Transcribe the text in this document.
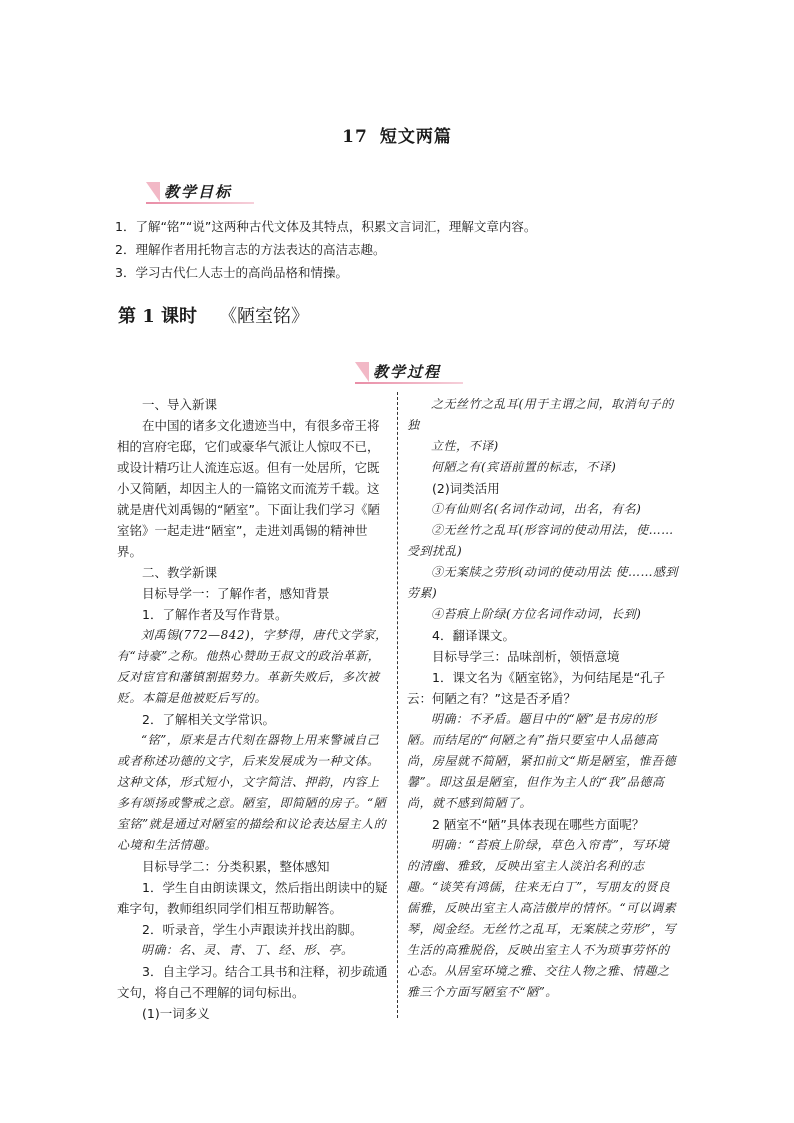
17 短文两篇
教学目标
1．了解“铭”“说”这两种古代文体及其特点，积累文言词汇，理解文章内容。
2．理解作者用托物言志的方法表达的高洁志趣。
3．学习古代仁人志士的高尚品格和情操。
第 1 课时 《陋室铭》
教学过程

一、导入新课

在中国的诸多文化遗迹当中，有很多帝王将相的宫府宅邸，它们或豪华气派让人惊叹不已，或设计精巧让人流连忘返。但有一处居所，它既小又简陋，却因主人的一篇铭文而流芳千载。这就是唐代刘禹锡的“陋室”。下面让我们学习《陋室铭》一起走进“陋室”，走进刘禹锡的精神世界。

二、教学新课

目标导学一：了解作者，感知背景

1．了解作者及写作背景。

刘禹锡(772—842)，字梦得，唐代文学家，有“诗豪”之称。他热心赞助王叔文的政治革新，反对宦官和藩镇割据势力。革新失败后，多次被贬。本篇是他被贬后写的。

2．了解相关文学常识。

“铭”，原来是古代刻在器物上用来警诫自己或者称述功德的文字，后来发展成为一种文体。这种文体，形式短小，文字简洁、押韵，内容上多有颂扬或警戒之意。陋室，即简陋的房子。“陋室铭”就是通过对陋室的描绘和议论表达屋主人的心境和生活情趣。

目标导学二：分类积累，整体感知

1．学生自由朗读课文，然后指出朗读中的疑难字句，教师组织同学们相互帮助解答。

2．听录音，学生小声跟读并找出韵脚。

明确：名、灵、青、丁、经、形、亭。

3．自主学习。结合工具书和注释，初步疏通文句，将自己不理解的词句标出。

(1)一词多义

之无丝竹之乱耳(用于主谓之间，取消句子的独

立性，不译)

何陋之有(宾语前置的标志，不译)

(2)词类活用

①有仙则名(名词作动词，出名，有名)

②无丝竹之乱耳(形容词的使动用法，使……受到扰乱)

③无案牍之劳形(动词的使动用法 使……感到劳累)

④苔痕上阶绿(方位名词作动词，长到)

4．翻译课文。

目标导学三：品味剖析，领悟意境

1．课文名为《陋室铭》，为何结尾是“孔子云：何陋之有？”这是否矛盾？

明确：不矛盾。题目中的“陋”是书房的形陋。而结尾的“何陋之有”指只要室中人品德高尚，房屋就不简陋，紧扣前文“斯是陋室，惟吾德馨”。即这虽是陋室，但作为主人的“我”品德高尚，就不感到简陋了。

2 陋室不“陋”具体表现在哪些方面呢？

明确：“苔痕上阶绿，草色入帘青”，写环境的清幽、雅致，反映出室主人淡泊名利的志趣。“谈笑有鸿儒，往来无白丁”，写朋友的贤良儒雅，反映出室主人高洁傲岸的情怀。“可以调素琴，阅金经。无丝竹之乱耳，无案牍之劳形”，写生活的高雅脱俗，反映出室主人不为琐事劳怀的心态。从居室环境之雅、交往人物之雅、情趣之雅三个方面写陋室不“陋”。
